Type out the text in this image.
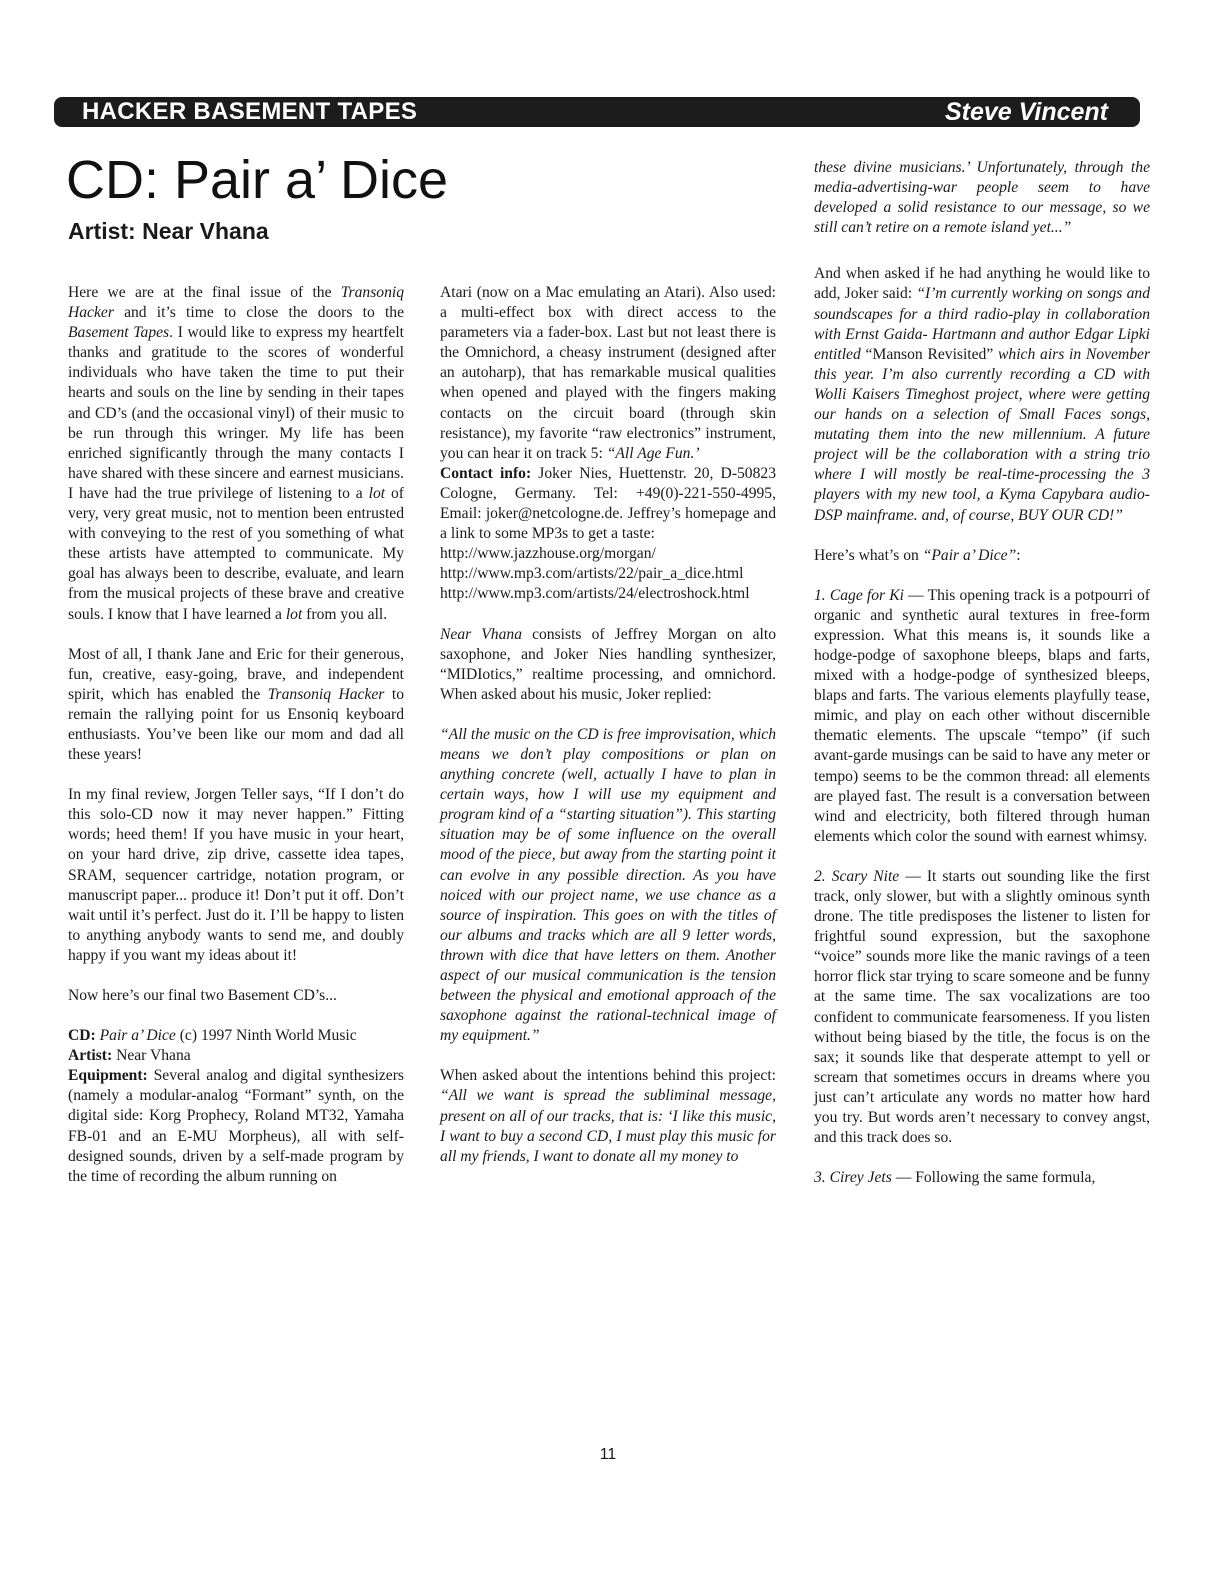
HACKER BASEMENT TAPES	Steve Vincent
CD: Pair a’ Dice
Artist: Near Vhana

Here we are at the final issue of the Transoniq Hacker and it’s time to close the doors to the Basement Tapes. I would like to express my heartfelt thanks and gratitude to the scores of wonderful individuals who have taken the time to put their hearts and souls on the line by sending in their tapes and CD’s (and the occasional vinyl) of their music to be run through this wringer. My life has been enriched significantly through the many contacts I have shared with these sincere and earnest musicians. I have had the true privilege of listening to a lot of very, very great music, not to mention been entrusted with conveying to the rest of you something of what these artists have attempted to communicate. My goal has always been to describe, evaluate, and learn from the musical projects of these brave and creative souls. I know that I have learned a lot from you all.

Most of all, I thank Jane and Eric for their generous, fun, creative, easy-going, brave, and independent spirit, which has enabled the Transoniq Hacker to remain the rallying point for us Ensoniq keyboard enthusiasts. You’ve been like our mom and dad all these years!

In my final review, Jorgen Teller says, “If I don’t do this solo-CD now it may never happen.” Fitting words; heed them! If you have music in your heart, on your hard drive, zip drive, cassette idea tapes, SRAM, sequencer cartridge, notation program, or manuscript paper... produce it! Don’t put it off. Don’t wait until it’s perfect. Just do it. I’ll be happy to listen to anything anybody wants to send me, and doubly happy if you want my ideas about it!

Now here’s our final two Basement CD’s...

CD: Pair a’ Dice (c) 1997 Ninth World Music

Artist: Near Vhana

Equipment: Several analog and digital synthesizers (namely a modular-analog “Formant” synth, on the digital side: Korg Prophecy, Roland MT32, Yamaha FB-01 and an E-MU Morpheus), all with self-designed sounds, driven by a self-made program by the time of recording the album running on

Atari (now on a Mac emulating an Atari). Also used: a multi-effect box with direct access to the parameters via a fader-box. Last but not least there is the Omnichord, a cheasy instrument (designed after an autoharp), that has remarkable musical qualities when opened and played with the fingers making contacts on the circuit board (through skin resistance), my favorite “raw electronics” instrument, you can hear it on track 5: “All Age Fun.’

Contact info: Joker Nies, Huettenstr. 20, D-50823 Cologne, Germany. Tel: +49(0)-221-550-4995, Email: joker@netcologne.de. Jeffrey’s homepage and a link to some MP3s to get a taste:

http://www.jazzhouse.org/morgan/

http://www.mp3.com/artists/22/pair_a_dice.html

http://www.mp3.com/artists/24/electroshock.html

Near Vhana consists of Jeffrey Morgan on alto saxophone, and Joker Nies handling synthesizer, “MIDIotics,” realtime processing, and omnichord. When asked about his music, Joker replied:

“All the music on the CD is free improvisation, which means we don’t play compositions or plan on anything concrete (well, actually I have to plan in certain ways, how I will use my equipment and program kind of a “starting situation”). This starting situation may be of some influence on the overall mood of the piece, but away from the starting point it can evolve in any possible direction. As you have noiced with our project name, we use chance as a source of inspiration. This goes on with the titles of our albums and tracks which are all 9 letter words, thrown with dice that have letters on them. Another aspect of our musical communication is the tension between the physical and emotional approach of the saxophone against the rational-technical image of my equipment.”

When asked about the intentions behind this project: “All we want is spread the subliminal message, present on all of our tracks, that is: ‘I like this music, I want to buy a second CD, I must play this music for all my friends, I want to donate all my money to

these divine musicians.’ Unfortunately, through the media-advertising-war people seem to have developed a solid resistance to our message, so we still can’t retire on a remote island yet...”

And when asked if he had anything he would like to add, Joker said: “I’m currently working on songs and soundscapes for a third radio-play in collaboration with Ernst Gaida- Hartmann and author Edgar Lipki entitled “Manson Revisited” which airs in November this year. I’m also currently recording a CD with Wolli Kaisers Timeghost project, where were getting our hands on a selection of Small Faces songs, mutating them into the new millennium. A future project will be the collaboration with a string trio where I will mostly be real-time-processing the 3 players with my new tool, a Kyma Capybara audio-DSP mainframe. and, of course, BUY OUR CD!”

Here’s what’s on “Pair a’ Dice”:

1. Cage for Ki — This opening track is a potpourri of organic and synthetic aural textures in free-form expression. What this means is, it sounds like a hodge-podge of saxophone bleeps, blaps and farts, mixed with a hodge-podge of synthesized bleeps, blaps and farts. The various elements playfully tease, mimic, and play on each other without discernible thematic elements. The upscale “tempo” (if such avant-garde musings can be said to have any meter or tempo) seems to be the common thread: all elements are played fast. The result is a conversation between wind and electricity, both filtered through human elements which color the sound with earnest whimsy.

2. Scary Nite — It starts out sounding like the first track, only slower, but with a slightly ominous synth drone. The title predisposes the listener to listen for frightful sound expression, but the saxophone “voice” sounds more like the manic ravings of a teen horror flick star trying to scare someone and be funny at the same time. The sax vocalizations are too confident to communicate fearsomeness. If you listen without being biased by the title, the focus is on the sax; it sounds like that desperate attempt to yell or scream that sometimes occurs in dreams where you just can’t articulate any words no matter how hard you try. But words aren’t necessary to convey angst, and this track does so.

3. Cirey Jets — Following the same formula,

11
